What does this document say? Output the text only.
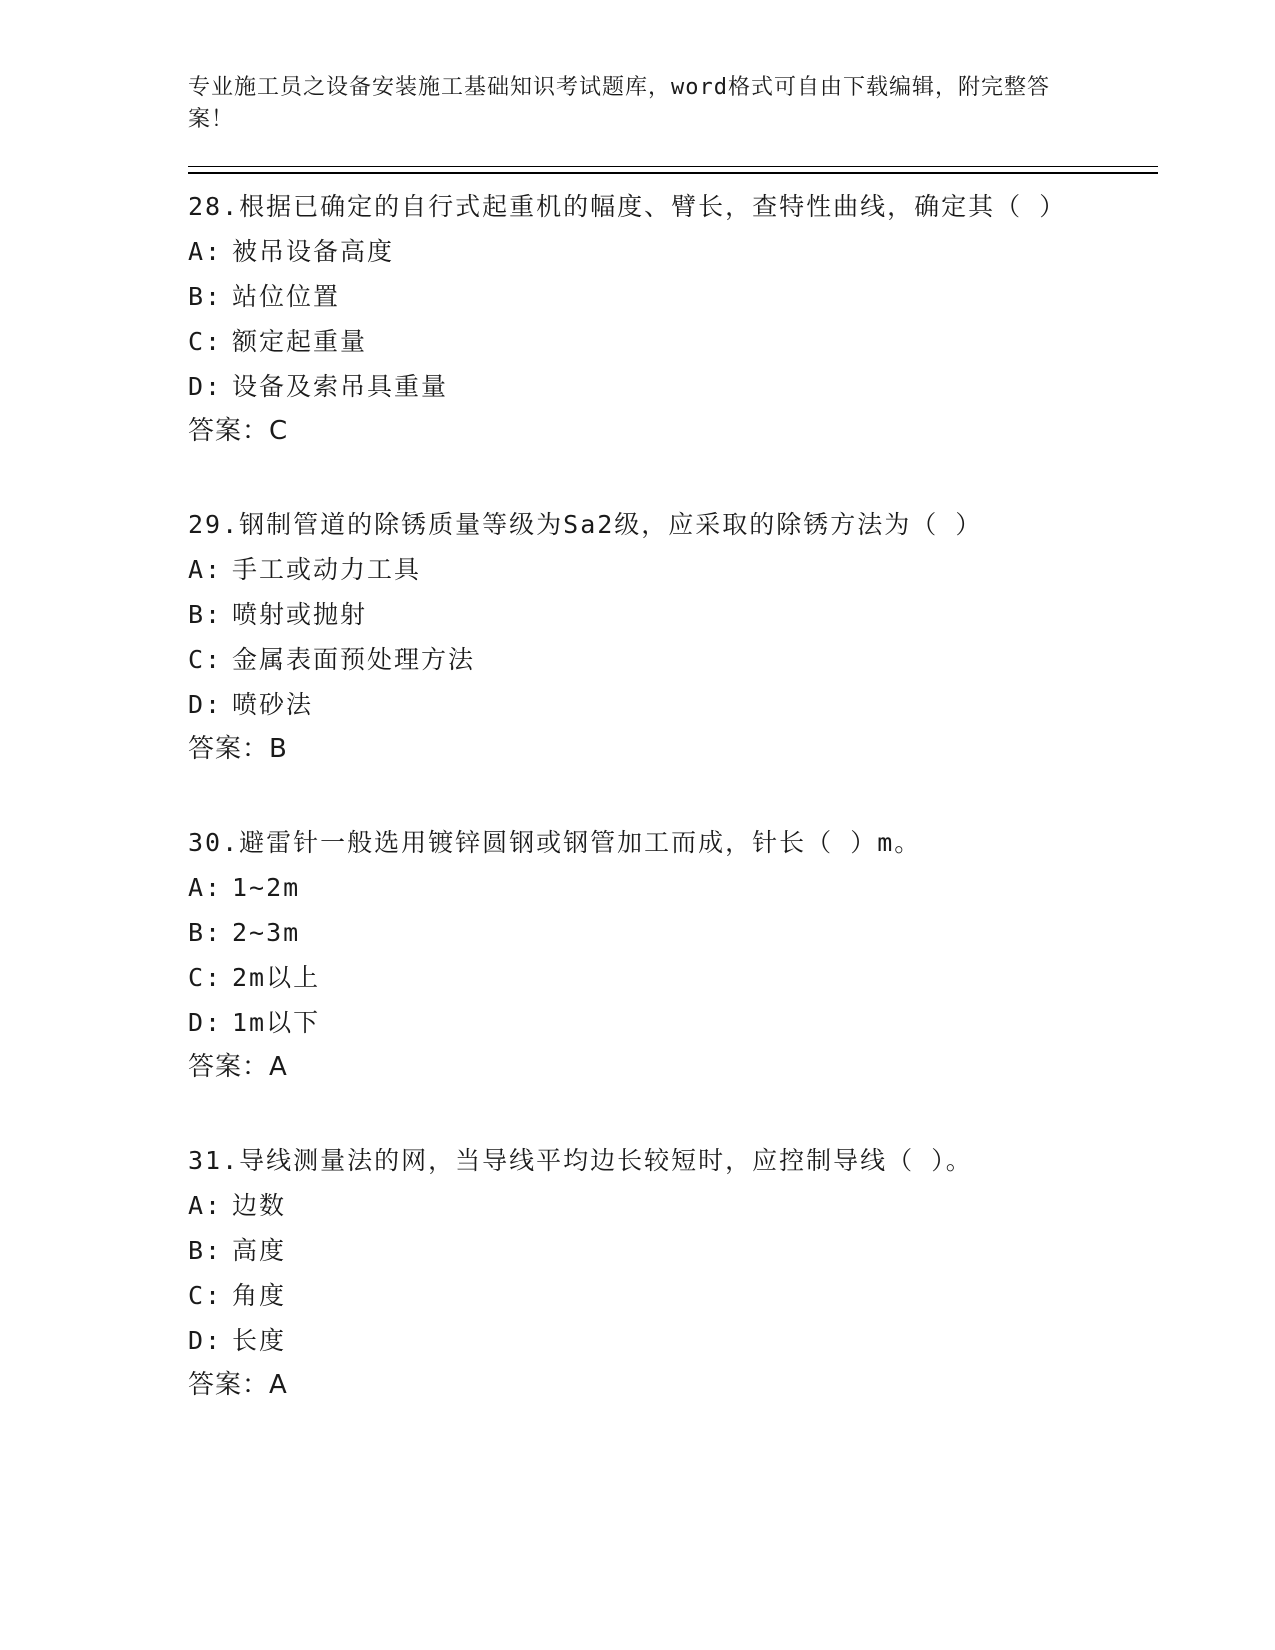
专业施工员之设备安装施工基础知识考试题库，word格式可自由下载编辑，附完整答案！

28.根据已确定的自行式起重机的幅度、臂长，查特性曲线，确定其（ ）
A: 被吊设备高度
B: 站位位置
C: 额定起重量
D: 设备及索吊具重量
答案：C
29.钢制管道的除锈质量等级为Sa2级，应采取的除锈方法为（ ）
A: 手工或动力工具
B: 喷射或抛射
C: 金属表面预处理方法
D: 喷砂法
答案：B
30.避雷针一般选用镀锌圆钢或钢管加工而成，针长（ ）m。
A: 1~2m
B: 2~3m
C: 2m以上
D: 1m以下
答案：A
31.导线测量法的网，当导线平均边长较短时，应控制导线（ ）。
A: 边数
B: 高度
C: 角度
D: 长度
答案：A
